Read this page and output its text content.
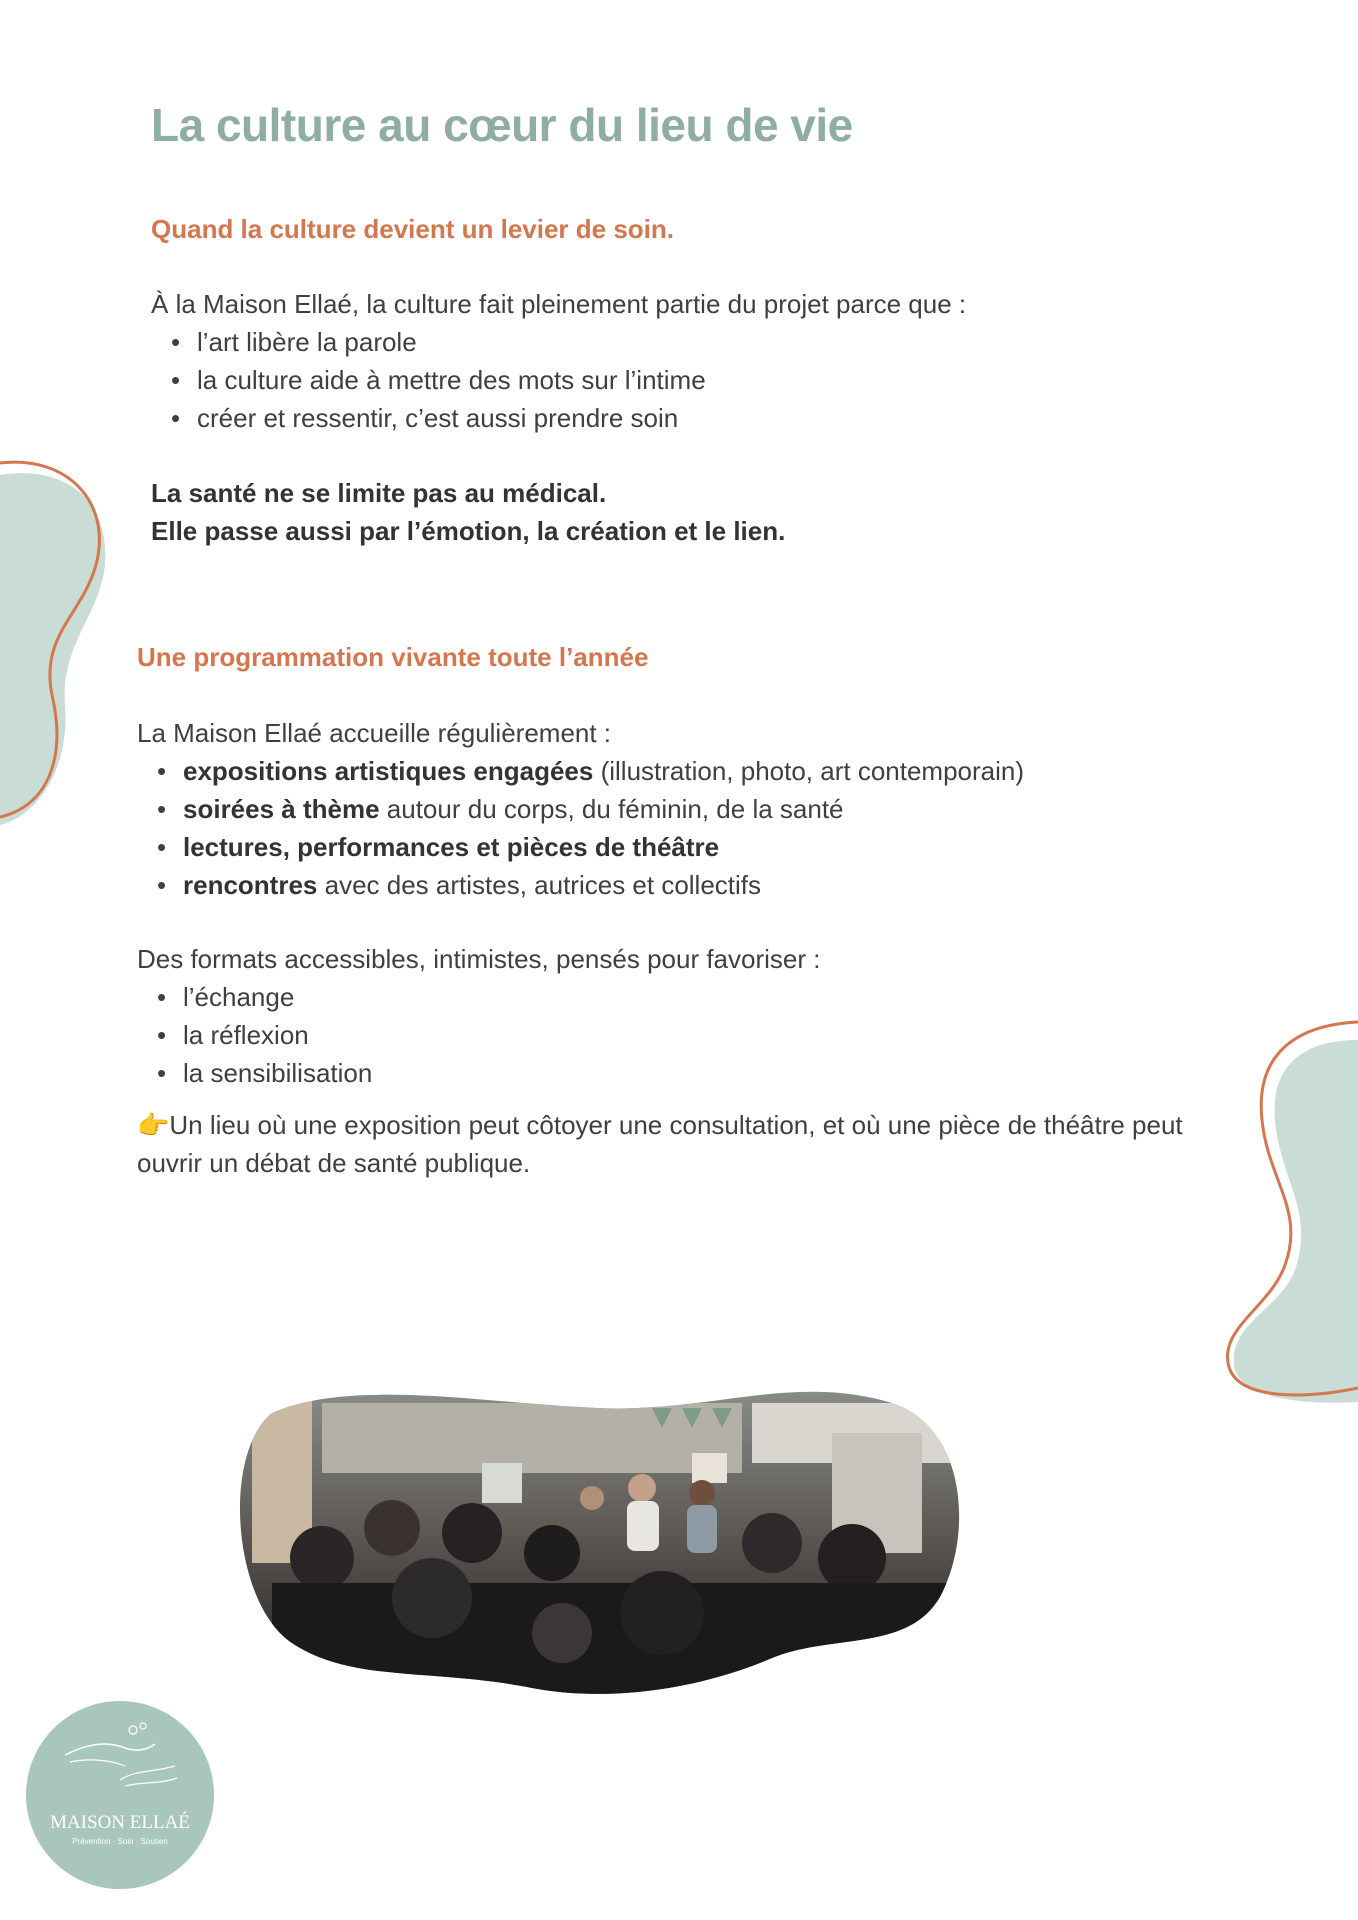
La culture au cœur du lieu de vie
Quand la culture devient un levier de soin.

À la Maison Ellaé, la culture fait pleinement partie du projet parce que :

• l’art libère la parole
• la culture aide à mettre des mots sur l’intime
• créer et ressentir, c’est aussi prendre soin

La santé ne se limite pas au médical.

Elle passe aussi par l’émotion, la création et le lien.

Une programmation vivante toute l’année

La Maison Ellaé accueille régulièrement :

• expositions artistiques engagées (illustration, photo, art contemporain)
• soirées à thème autour du corps, du féminin, de la santé
• lectures, performances et pièces de théâtre
• rencontres avec des artistes, autrices et collectifs

Des formats accessibles, intimistes, pensés pour favoriser :

• l’échange
• la réflexion
• la sensibilisation

👉Un lieu où une exposition peut côtoyer une consultation, et où une pièce de théâtre peut
ouvrir un débat de santé publique.

MAISON ELLAÉ
Prévention · Soin · Soutien
